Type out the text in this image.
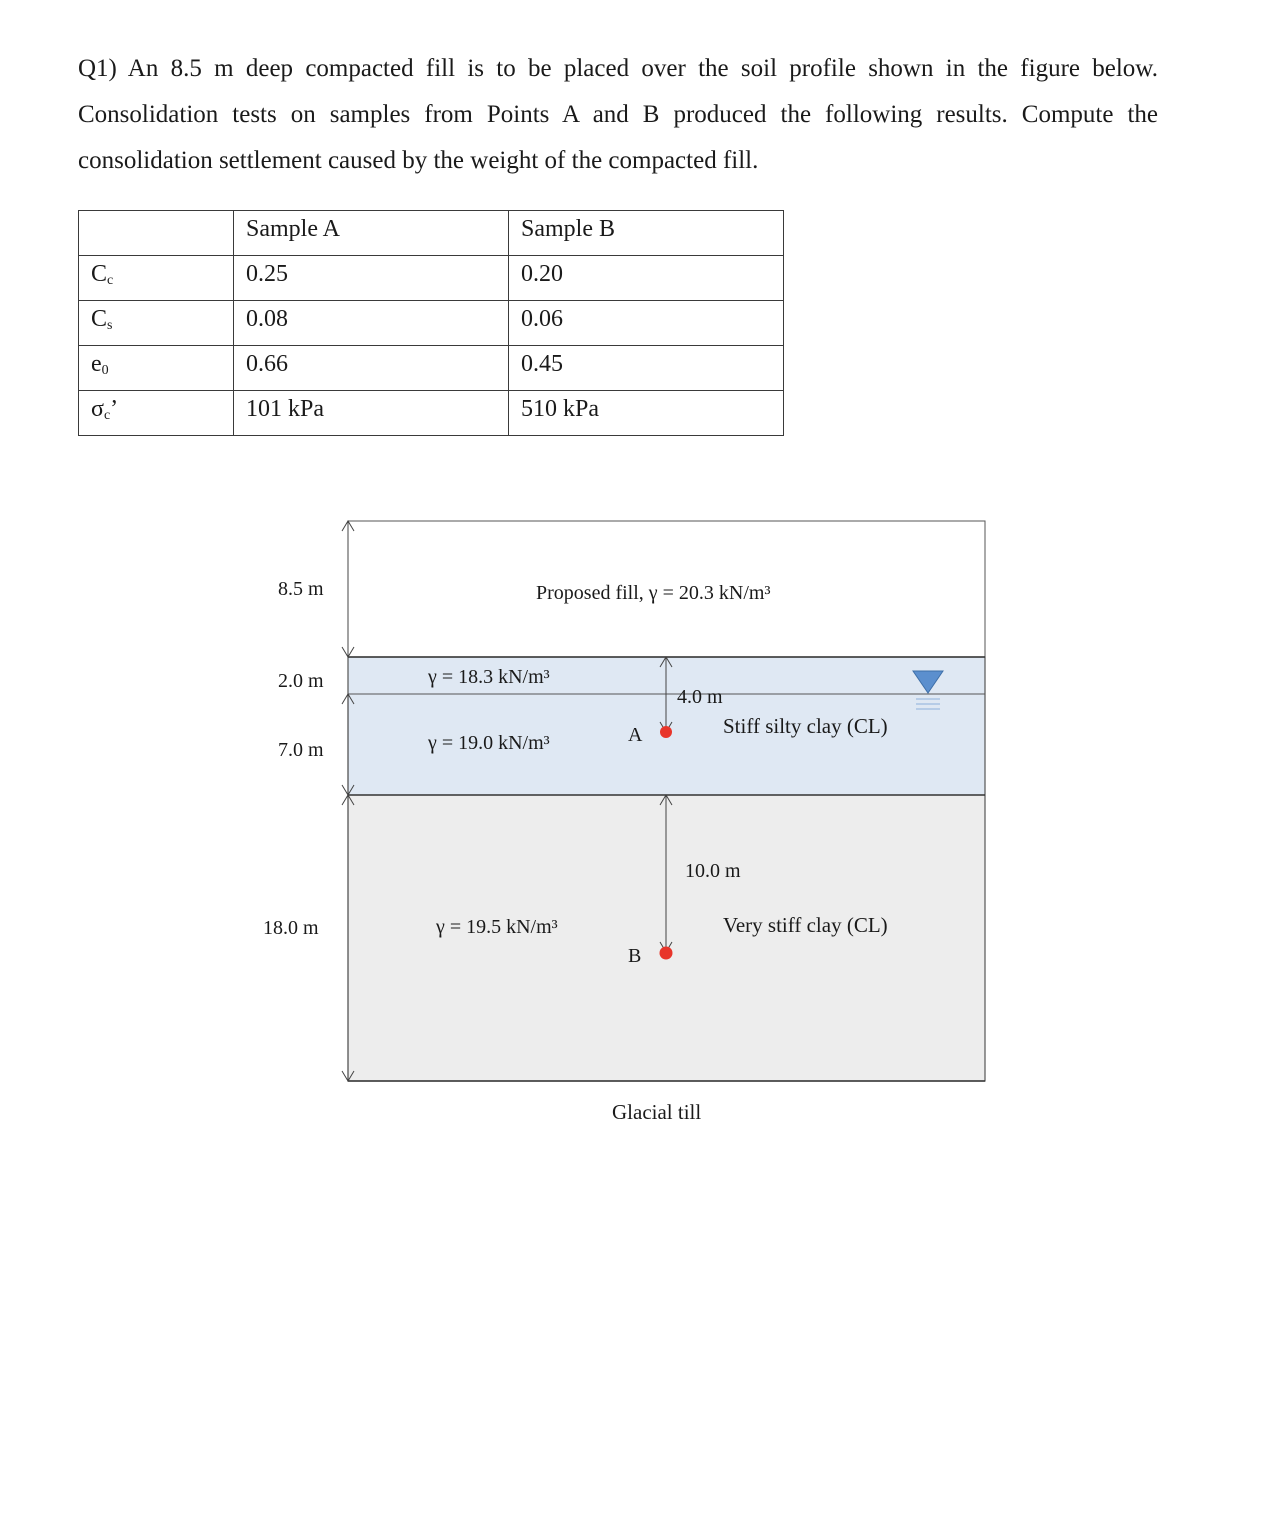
Q1) An 8.5 m deep compacted fill is to be placed over the soil profile shown in the figure below. Consolidation tests on samples from Points A and B produced the following results. Compute the consolidation settlement caused by the weight of the compacted fill.
	Sample A	Sample B
$C_c$	0.25	0.20
$C_s$	0.08	0.06
$e_0$	0.66	0.45
$\sigma_c$’	101 kPa	510 kPa
8.5 m
2.0 m
7.0 m
18.0 m
Proposed fill, γ = 20.3 kN/m³
γ = 18.3 kN/m³
γ = 19.0 kN/m³
γ = 19.5 kN/m³
4.0 m
A
10.0 m
B
Stiff silty clay (CL)
Very stiff clay (CL)
Glacial till
